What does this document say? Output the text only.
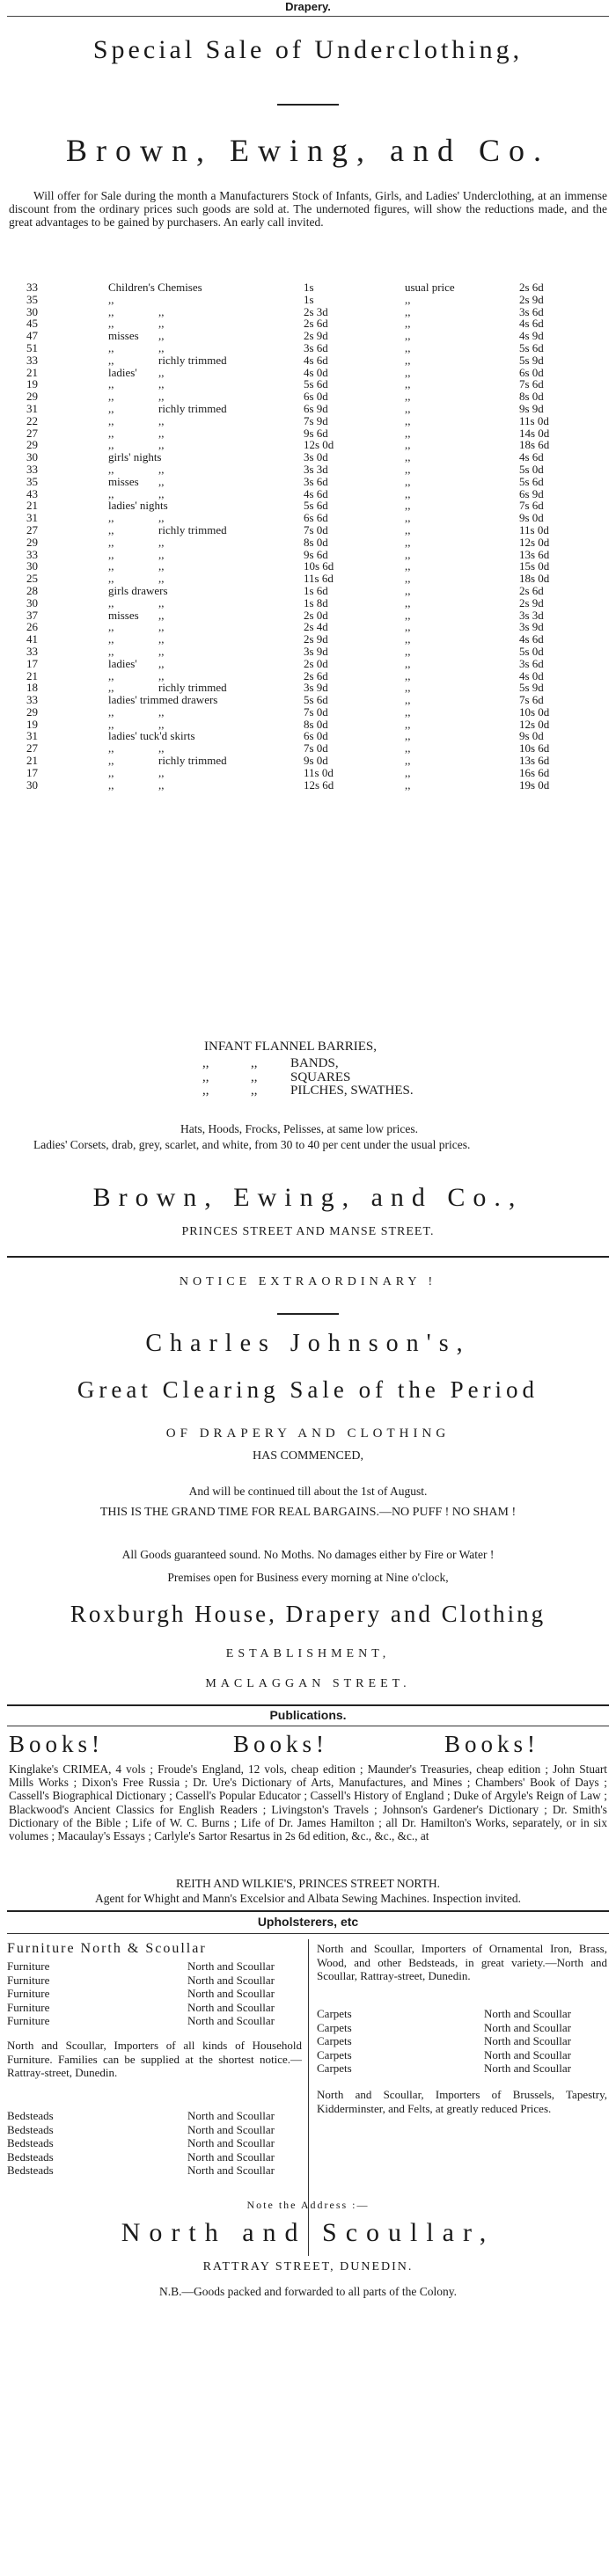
Drapery.
Special Sale of Underclothing,
Brown, Ewing, and Co.
Will offer for Sale during the month a Manufacturers Stock of Infants, Girls, and Ladies' Underclothing, at an immense discount from the ordinary prices such goods are sold at. The undernoted figures, will show the reductions made, and the great advantages to be gained by purchasers. An early call invited.
33	Children's Chemises	1s	usual price	2s 6d
35	,,	1s	,,	2s 9d
30	,,	,,	2s 3d	,,	3s 6d
45	,,	,,	2s 6d	,,	4s 6d
47	misses ,,	2s 9d	,,	4s 9d
51	,,	,,	3s 6d	,,	5s 6d
33	,,	richly trimmed	4s 6d	,,	5s 9d
21	ladies' ,,	4s 0d	,,	6s 0d
19	,,	,,	5s 6d	,,	7s 6d
29	,,	,,	6s 0d	,,	8s 0d
31	,,	richly trimmed	6s 9d	,,	9s 9d
22	,,	,,	7s 9d	,,	11s 0d
27	,,	,,	9s 6d	,,	14s 0d
29	,,	,,	12s 0d	,,	18s 6d
30	girls' nights	3s 0d	,,	4s 6d
33	,,	,,	3s 3d	,,	5s 0d
35	misses ,,	3s 6d	,,	5s 6d
43	,,	,,	4s 6d	,,	6s 9d
21	ladies' nights	5s 6d	,,	7s 6d
31	,,	,,	6s 6d	,,	9s 0d
27	,,	richly trimmed	7s 0d	,,	11s 0d
29	,,	,,	8s 0d	,,	12s 0d
33	,,	,,	9s 6d	,,	13s 6d
30	,,	,,	10s 6d	,,	15s 0d
25	,,	,,	11s 6d	,,	18s 0d
28	girls drawers	1s 6d	,,	2s 6d
30	,,	,,	1s 8d	,,	2s 9d
37	misses ,,	2s 0d	,,	3s 3d
26	,,	,,	2s 4d	,,	3s 9d
41	,,	,,	2s 9d	,,	4s 6d
33	,,	,,	3s 9d	,,	5s 0d
17	ladies' ,,	2s 0d	,,	3s 6d
21	,,	,,	2s 6d	,,	4s 0d
18	,,	richly trimmed	3s 9d	,,	5s 9d
33	ladies' trimmed drawers	5s 6d	,,	7s 6d
29	,,	,,	7s 0d	,,	10s 0d
19	,,	,,	8s 0d	,,	12s 0d
31	ladies' tuck'd skirts	6s 0d	,,	9s 0d
27	,,	,,	7s 0d	,,	10s 6d
21	,,	richly trimmed	9s 0d	,,	13s 6d
17	,,	,,	11s 0d	,,	16s 6d
30	,,	,,	12s 6d	,,	19s 0d
INFANT FLANNEL BARRIES,
,,	,,	BANDS,
,,	,,	SQUARES
,,	,,	PILCHES, SWATHES.
Hats, Hoods, Frocks, Pelisses, at same low prices.
Ladies' Corsets, drab, grey, scarlet, and white, from 30 to 40 per cent under the usual prices.
Brown, Ewing, and Co.,
PRINCES STREET AND MANSE STREET.
NOTICE EXTRAORDINARY !
Charles Johnson's,
Great Clearing Sale of the Period
OF DRAPERY AND CLOTHING
HAS COMMENCED,
And will be continued till about the 1st of August.
THIS IS THE GRAND TIME FOR REAL BARGAINS.—NO PUFF ! NO SHAM !
All Goods guaranteed sound. No Moths. No damages either by Fire or Water !
Premises open for Business every morning at Nine o'clock,
Roxburgh House, Drapery and Clothing
ESTABLISHMENT,
MACLAGGAN STREET.
Publications.
Books!	Books!	Books!
Kinglake's CRIMEA, 4 vols ; Froude's England, 12 vols, cheap edition ; Maunder's Treasuries, cheap edition ; John Stuart Mills Works ; Dixon's Free Russia ; Dr. Ure's Dictionary of Arts, Manufactures, and Mines ; Chambers' Book of Days ; Cassell's Biographical Dictionary ; Cassell's Popular Educator ; Cassell's History of England ; Duke of Argyle's Reign of Law ; Blackwood's Ancient Classics for English Readers ; Livingston's Travels ; Johnson's Gardener's Dictionary ; Dr. Smith's Dictionary of the Bible ; Life of W. C. Burns ; Life of Dr. James Hamilton ; all Dr. Hamilton's Works, separately, or in six volumes ; Macaulay's Essays ; Carlyle's Sartor Resartus in 2s 6d edition, &c., &c., &c., at
REITH AND WILKIE'S, PRINCES STREET NORTH.
Agent for Whight and Mann's Excelsior and Albata Sewing Machines. Inspection invited.
Upholsterers, etc
Furniture North & Scoullar
Furniture	North and Scoullar
Furniture	North and Scoullar
Furniture	North and Scoullar
Furniture	North and Scoullar
Furniture	North and Scoullar
North and Scoullar, Importers of all kinds of Household Furniture. Families can be supplied at the shortest notice.—Rattray-street, Dunedin.
Bedsteads	North and Scoullar
Bedsteads	North and Scoullar
Bedsteads	North and Scoullar
Bedsteads	North and Scoullar
Bedsteads	North and Scoullar
North and Scoullar, Importers of Ornamental Iron, Brass, Wood, and other Bedsteads, in great variety.—North and Scoullar, Rattray-street, Dunedin.
Carpets	North and Scoullar
Carpets	North and Scoullar
Carpets	North and Scoullar
Carpets	North and Scoullar
Carpets	North and Scoullar
North and Scoullar, Importers of Brussels, Tapestry, Kidderminster, and Felts, at greatly reduced Prices.
Note the Address :—
North and Scoullar,
RATTRAY STREET, DUNEDIN.
N.B.—Goods packed and forwarded to all parts of the Colony.
